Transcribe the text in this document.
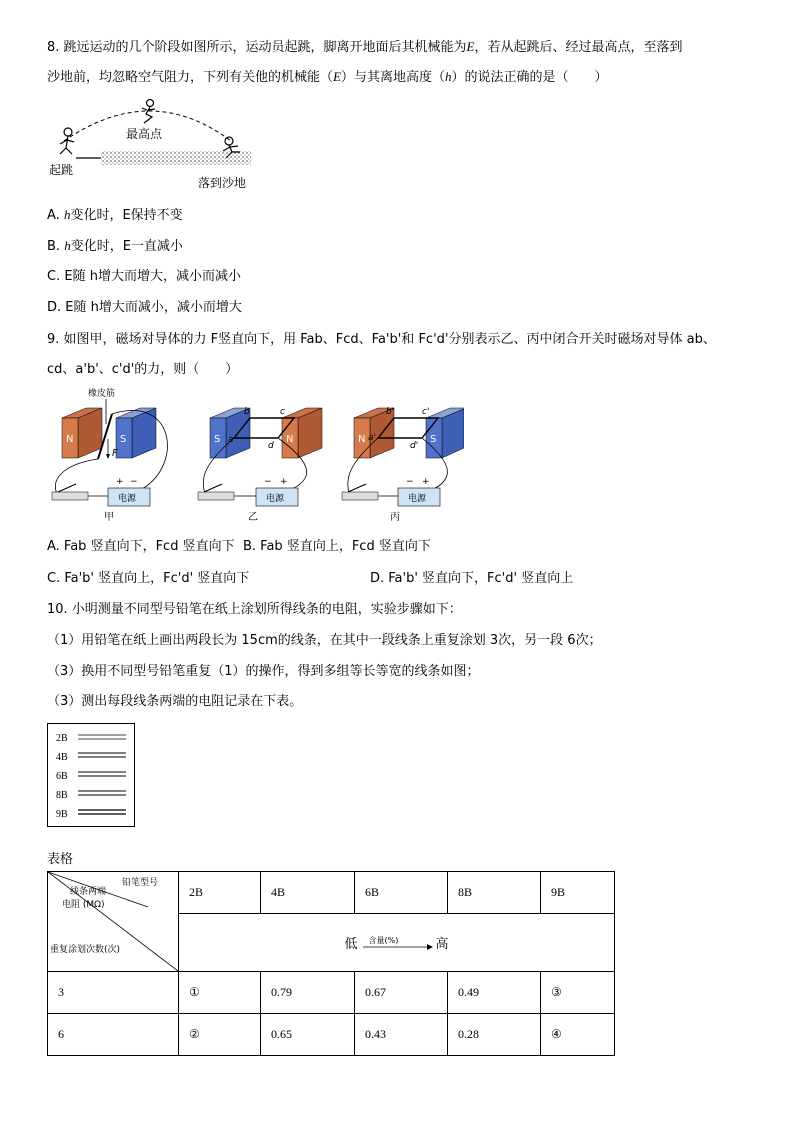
8. 跳远运动的几个阶段如图所示，运动员起跳，脚离开地面后其机械能为E，若从起跳后、经过最高点，至落到
沙地前，均忽略空气阻力，下列有关他的机械能（E）与其离地高度（h）的说法正确的是（　　）
最高点
起跳
落到沙地
A. h变化时，E保持不变
B. h变化时，E一直减小
C. E随 h增大而增大，减小而减小
D. E随 h增大而减小，减小而增大
9. 如图甲，磁场对导体的力 F竖直向下，用 Fab、Fcd、Fa'b'和 Fc'd'分别表示乙、丙中闭合开关时磁场对导体 ab、
cd、a'b'、c'd'的力，则（　　）
N	S
F
橡皮筋
电源
+ −
甲
S	N
b	c
a
d
电源
− +
乙
N	S
b'	c'
a'
d'
电源
− +
丙
A. Fab 竖直向下，Fcd 竖直向下 B. Fab 竖直向上，Fcd 竖直向下
C. Fa'b' 竖直向上，Fc'd' 竖直向下	D. Fa'b' 竖直向下，Fc'd' 竖直向上
10. 小明测量不同型号铅笔在纸上涂划所得线条的电阻，实验步骤如下：
（1）用铅笔在纸上画出两段长为 15cm的线条，在其中一段线条上重复涂划 3次，另一段 6次；
（3）换用不同型号铅笔重复（1）的操作，得到多组等长等宽的线条如图；
（3）测出每段线条两端的电阻记录在下表。
2B
4B
6B
8B
9B
表格
铅笔型号
线条两端
电阻 (MΩ)
重复涂划次数(次)	2B	4B	6B	8B	9B
	低 含量(%) 高				
3	①	0.79	0.67	0.49	③
6	②	0.65	0.43	0.28	④
